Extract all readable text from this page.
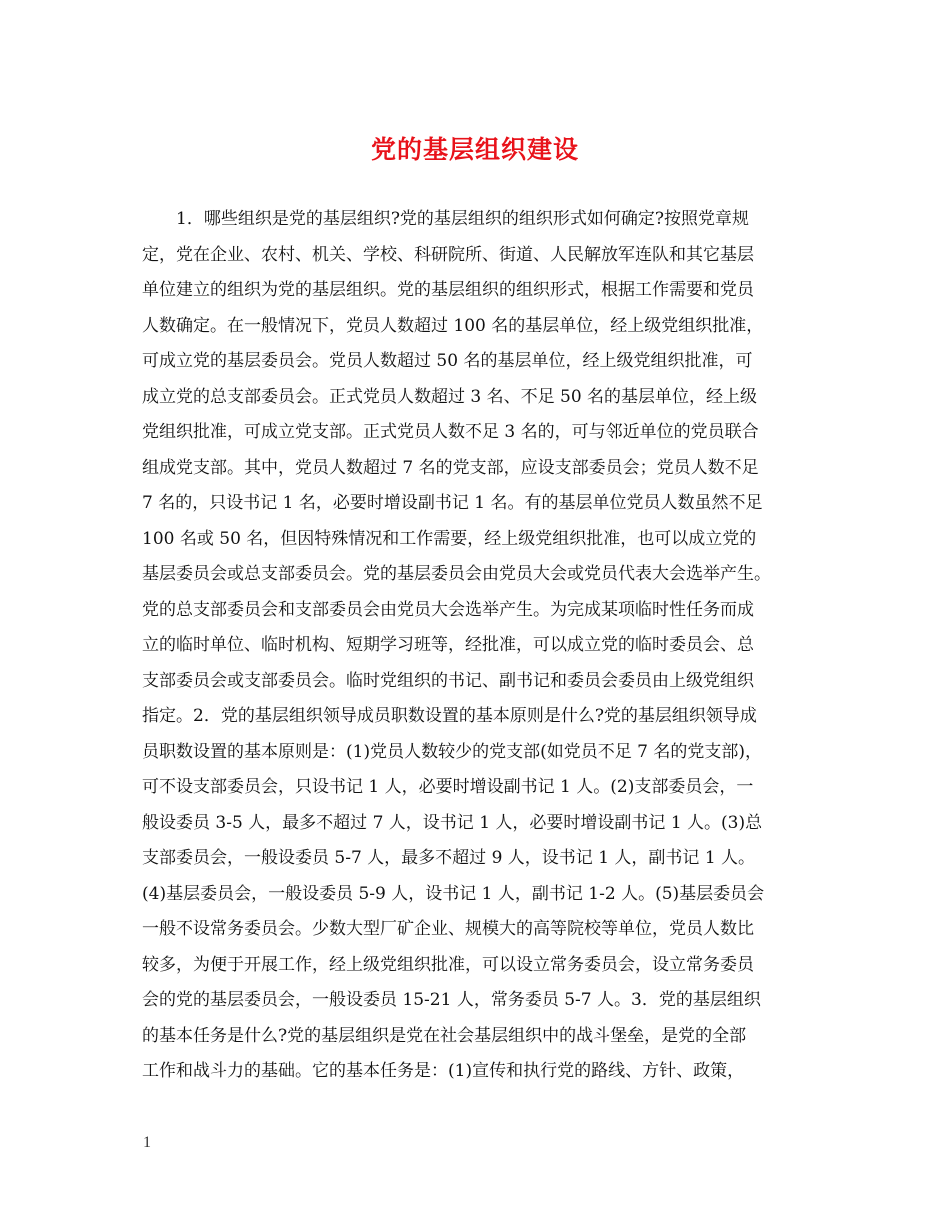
党的基层组织建设

　　1．哪些组织是党的基层组织?党的基层组织的组织形式如何确定?按照党章规

定，党在企业、农村、机关、学校、科研院所、街道、人民解放军连队和其它基层

单位建立的组织为党的基层组织。党的基层组织的组织形式，根据工作需要和党员

人数确定。在一般情况下，党员人数超过 100 名的基层单位，经上级党组织批准，

可成立党的基层委员会。党员人数超过 50 名的基层单位，经上级党组织批准，可

成立党的总支部委员会。正式党员人数超过 3 名、不足 50 名的基层单位，经上级

党组织批准，可成立党支部。正式党员人数不足 3 名的，可与邻近单位的党员联合

组成党支部。其中，党员人数超过 7 名的党支部，应设支部委员会；党员人数不足

7 名的，只设书记 1 名，必要时增设副书记 1 名。有的基层单位党员人数虽然不足

100 名或 50 名，但因特殊情况和工作需要，经上级党组织批准，也可以成立党的

基层委员会或总支部委员会。党的基层委员会由党员大会或党员代表大会选举产生。

党的总支部委员会和支部委员会由党员大会选举产生。为完成某项临时性任务而成

立的临时单位、临时机构、短期学习班等，经批准，可以成立党的临时委员会、总

支部委员会或支部委员会。临时党组织的书记、副书记和委员会委员由上级党组织

指定。2．党的基层组织领导成员职数设置的基本原则是什么?党的基层组织领导成

员职数设置的基本原则是：(1)党员人数较少的党支部(如党员不足 7 名的党支部)，

可不设支部委员会，只设书记 1 人，必要时增设副书记 1 人。(2)支部委员会，一

般设委员 3-5 人，最多不超过 7 人，设书记 1 人，必要时增设副书记 1 人。(3)总

支部委员会，一般设委员 5-7 人，最多不超过 9 人，设书记 1 人，副书记 1 人。

(4)基层委员会，一般设委员 5-9 人，设书记 1 人，副书记 1-2 人。(5)基层委员会

一般不设常务委员会。少数大型厂矿企业、规模大的高等院校等单位，党员人数比

较多，为便于开展工作，经上级党组织批准，可以设立常务委员会，设立常务委员

会的党的基层委员会，一般设委员 15-21 人，常务委员 5-7 人。3．党的基层组织

的基本任务是什么?党的基层组织是党在社会基层组织中的战斗堡垒，是党的全部

工作和战斗力的基础。它的基本任务是：(1)宣传和执行党的路线、方针、政策，

1
